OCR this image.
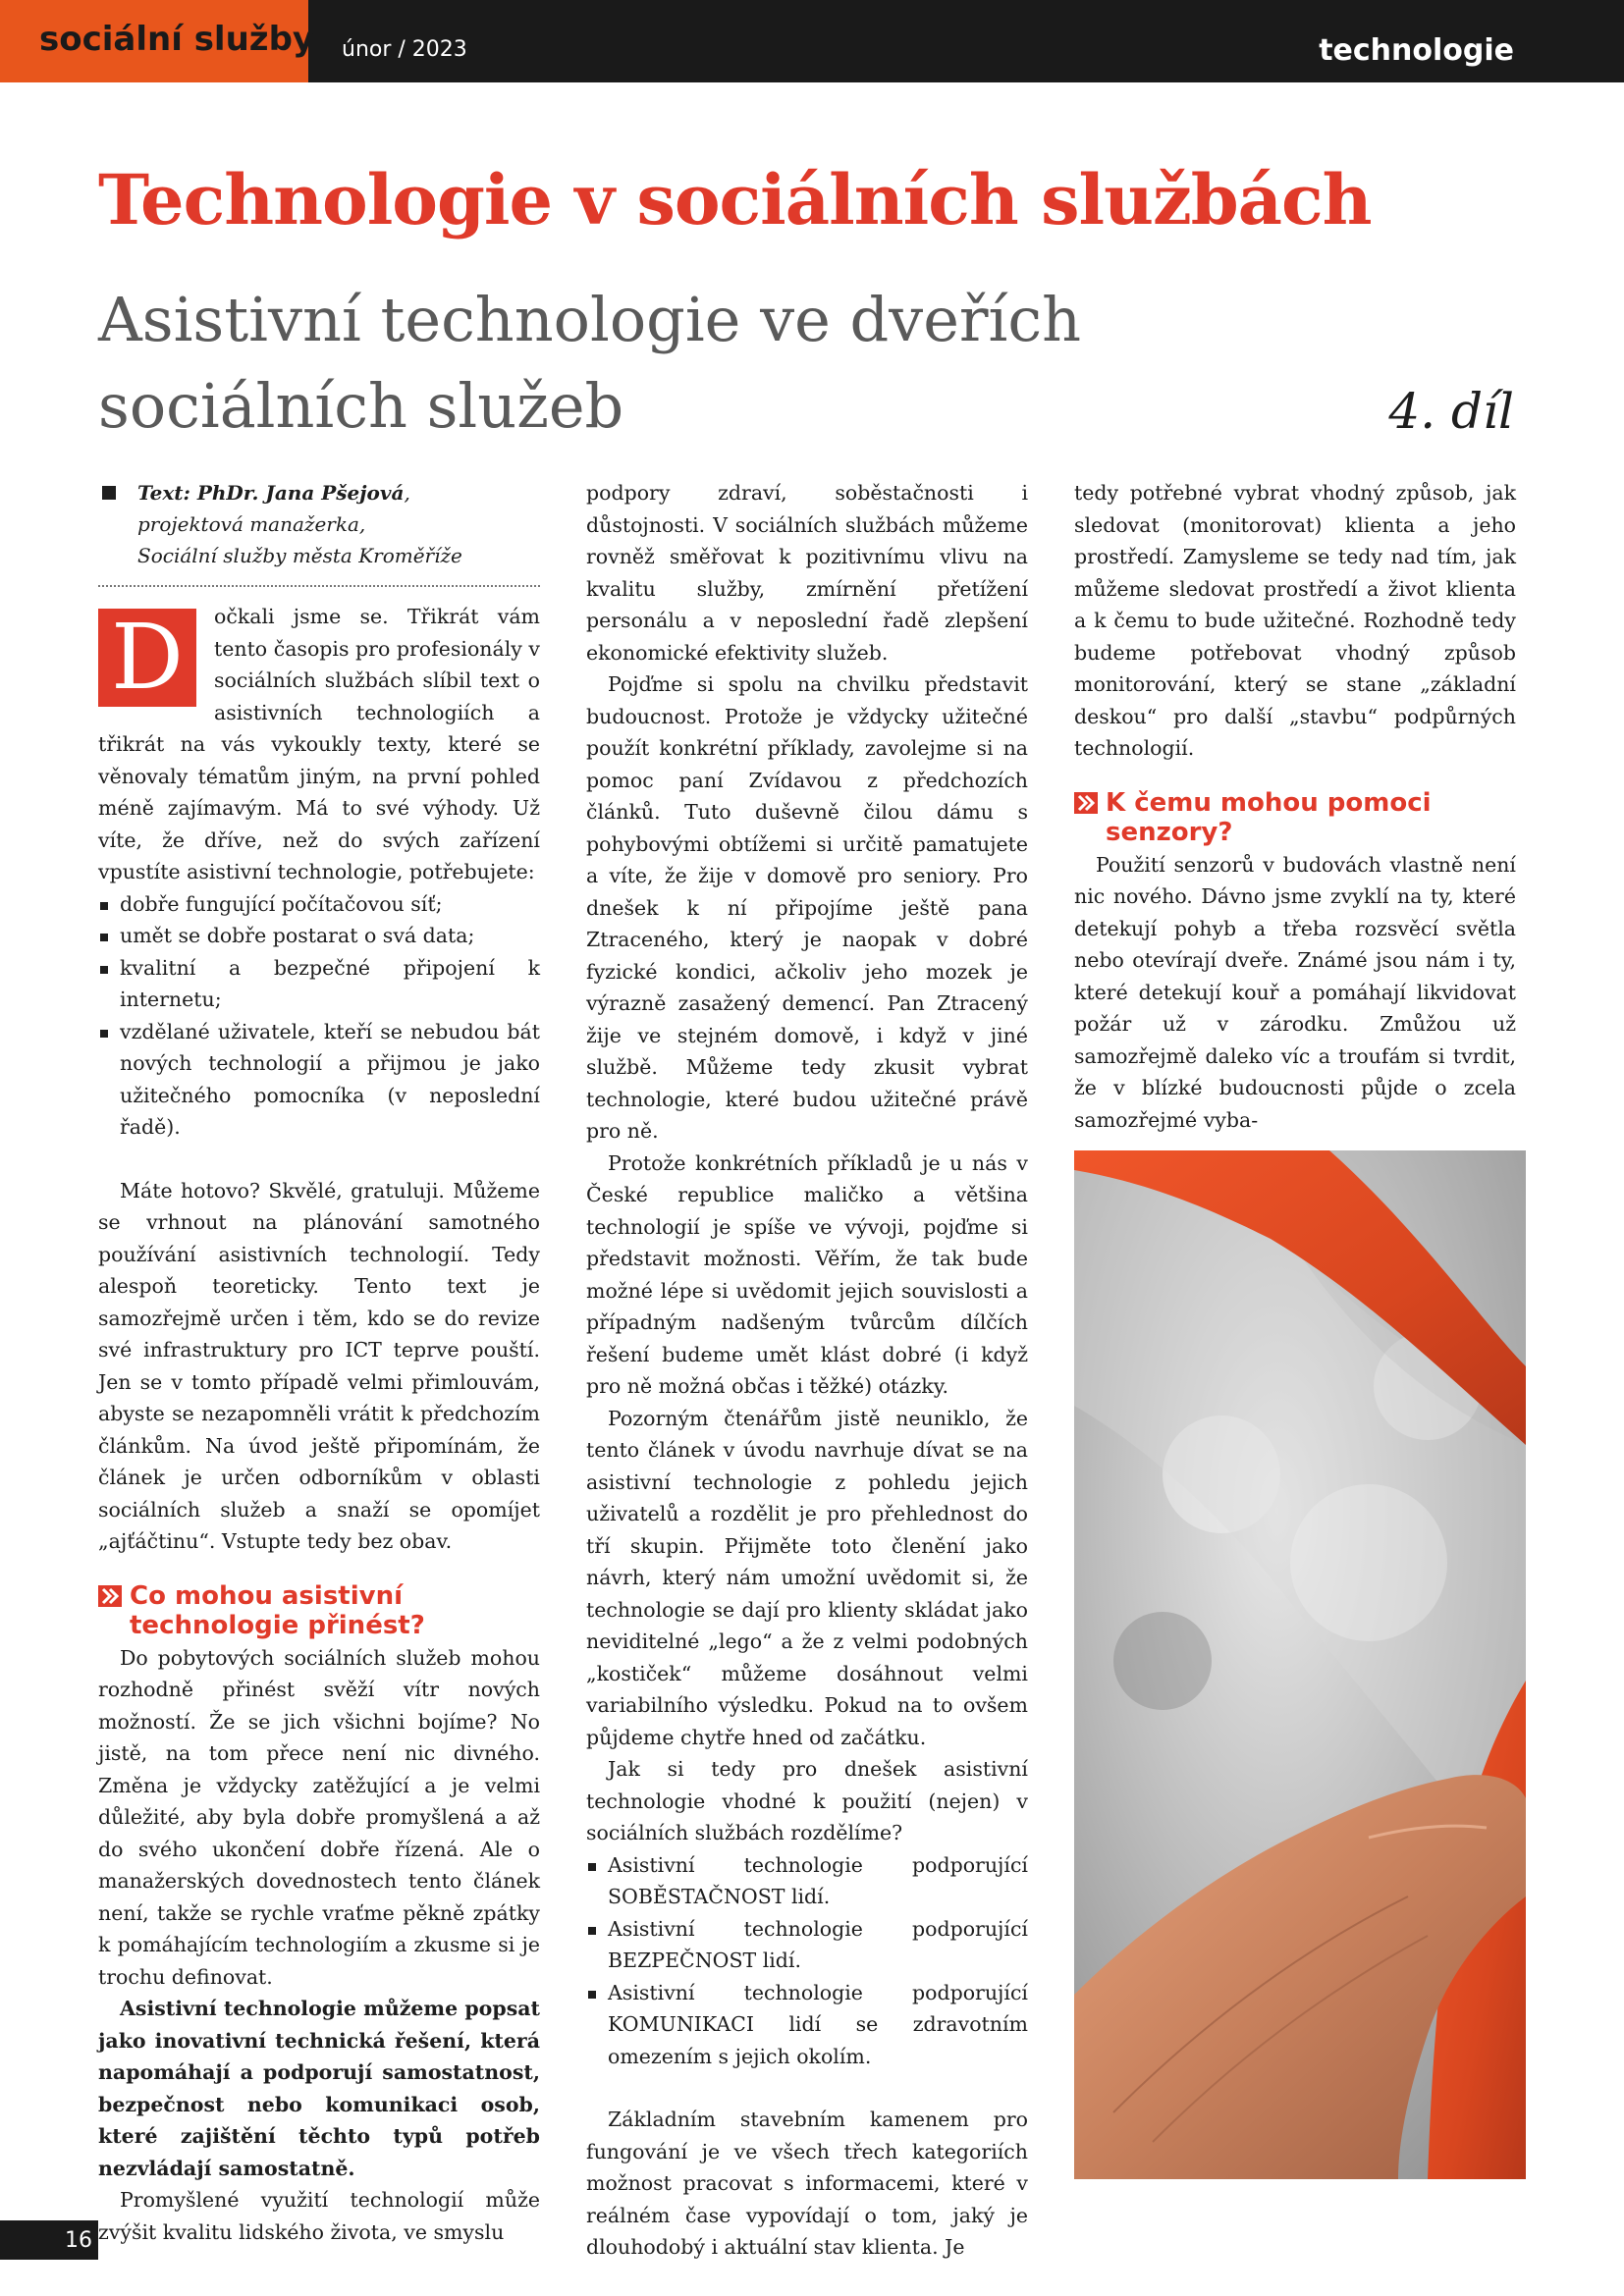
sociální služby únor / 2023	technologie
Technologie v sociálních službách
Asistivní technologie ve dveřích sociálních služeb	4. díl
Text: PhDr. Jana Pšejová,
projektová manažerka,
Sociální služby města Kroměříže
D	očkali jsme se. Třikrát vám tento časopis pro profesionály v sociálních službách slíbil text o asistivních technologiích a třikrát na vás vykoukly texty, které se věnovaly tématům jiným, na první pohled méně zajímavým. Má to své výhody. Už víte, že dříve, než do svých zařízení vpustíte asistivní technologie, potřebujete:

dobře fungující počítačovou síť;
umět se dobře postarat o svá data;
kvalitní a bezpečné připojení k internetu;
vzdělané uživatele, kteří se nebudou bát nových technologií a přijmou je jako užitečného pomocníka (v neposlední řadě).

Máte hotovo? Skvělé, gratuluji. Můžeme se vrhnout na plánování samotného používání asistivních technologií. Tedy alespoň teoreticky. Tento text je samozřejmě určen i těm, kdo se do revize své infrastruktury pro ICT teprve pouští. Jen se v tomto případě velmi přimlouvám, abyste se nezapomněli vrátit k předchozím článkům. Na úvod ještě připomínám, že článek je určen odborníkům v oblasti sociálních služeb a snaží se opomíjet „ajťáčtinu“. Vstupte tedy bez obav.

Co mohou asistivní technologie přinést?

Do pobytových sociálních služeb mohou rozhodně přinést svěží vítr nových možností. Že se jich všichni bojíme? No jistě, na tom přece není nic divného. Změna je vždycky zatěžující a je velmi důležité, aby byla dobře promyšlená a až do svého ukončení dobře řízená. Ale o manažerských dovednostech tento článek není, takže se rychle vraťme pěkně zpátky k pomáhajícím technologiím a zkusme si je trochu definovat.

Asistivní technologie můžeme popsat jako inovativní technická řešení, která napomáhají a podporují samostatnost, bezpečnost nebo komunikaci osob, které zajištění těchto typů potřeb nezvládají samostatně.

Promyšlené využití technologií může zvýšit kvalitu lidského života, ve smyslu

podpory zdraví, soběstačnosti i důstojnosti. V sociálních službách můžeme rovněž směřovat k pozitivnímu vlivu na kvalitu služby, zmírnění přetížení personálu a v neposlední řadě zlepšení ekonomické efektivity služeb.

Pojďme si spolu na chvilku představit budoucnost. Protože je vždycky užitečné použít konkrétní příklady, zavolejme si na pomoc paní Zvídavou z předchozích článků. Tuto duševně čilou dámu s pohybovými obtížemi si určitě pamatujete a víte, že žije v domově pro seniory. Pro dnešek k ní připojíme ještě pana Ztraceného, který je naopak v dobré fyzické kondici, ačkoliv jeho mozek je výrazně zasažený demencí. Pan Ztracený žije ve stejném domově, i když v jiné službě. Můžeme tedy zkusit vybrat technologie, které budou užitečné právě pro ně.

Protože konkrétních příkladů je u nás v České republice maličko a většina technologií je spíše ve vývoji, pojďme si představit možnosti. Věřím, že tak bude možné lépe si uvědomit jejich souvislosti a případným nadšeným tvůrcům dílčích řešení budeme umět klást dobré (i když pro ně možná občas i těžké) otázky.

Pozorným čtenářům jistě neuniklo, že tento článek v úvodu navrhuje dívat se na asistivní technologie z pohledu jejich uživatelů a rozdělit je pro přehlednost do tří skupin. Přijměte toto členění jako návrh, který nám umožní uvědomit si, že technologie se dají pro klienty skládat jako neviditelné „lego“ a že z velmi podobných „kostiček“ můžeme dosáhnout velmi variabilního výsledku. Pokud na to ovšem půjdeme chytře hned od začátku.

Jak si tedy pro dnešek asistivní technologie vhodné k použití (nejen) v sociálních službách rozdělíme?

Asistivní technologie podporující SOBĚSTAČNOST lidí.
Asistivní technologie podporující BEZPEČNOST lidí.
Asistivní technologie podporující KOMUNIKACI lidí se zdravotním omezením s jejich okolím.

Základním stavebním kamenem pro fungování je ve všech třech kategoriích možnost pracovat s informacemi, které v reálném čase vypovídají o tom, jaký je dlouhodobý i aktuální stav klienta. Je

tedy potřebné vybrat vhodný způsob, jak sledovat (monitorovat) klienta a jeho prostředí. Zamysleme se tedy nad tím, jak můžeme sledovat prostředí a život klienta a k čemu to bude užitečné. Rozhodně tedy budeme potřebovat vhodný způsob monitorování, který se stane „základní deskou“ pro další „stavbu“ podpůrných technologií.

K čemu mohou pomoci senzory?

Použití senzorů v budovách vlastně není nic nového. Dávno jsme zvyklí na ty, které detekují pohyb a třeba rozsvěcí světla nebo otevírají dveře. Známé jsou nám i ty, které detekují kouř a pomáhají likvidovat požár už v zárodku. Zmůžou už samozřejmě daleko víc a troufám si tvrdit, že v blízké budoucnosti půjde o zcela samozřejmé vyba-

16
